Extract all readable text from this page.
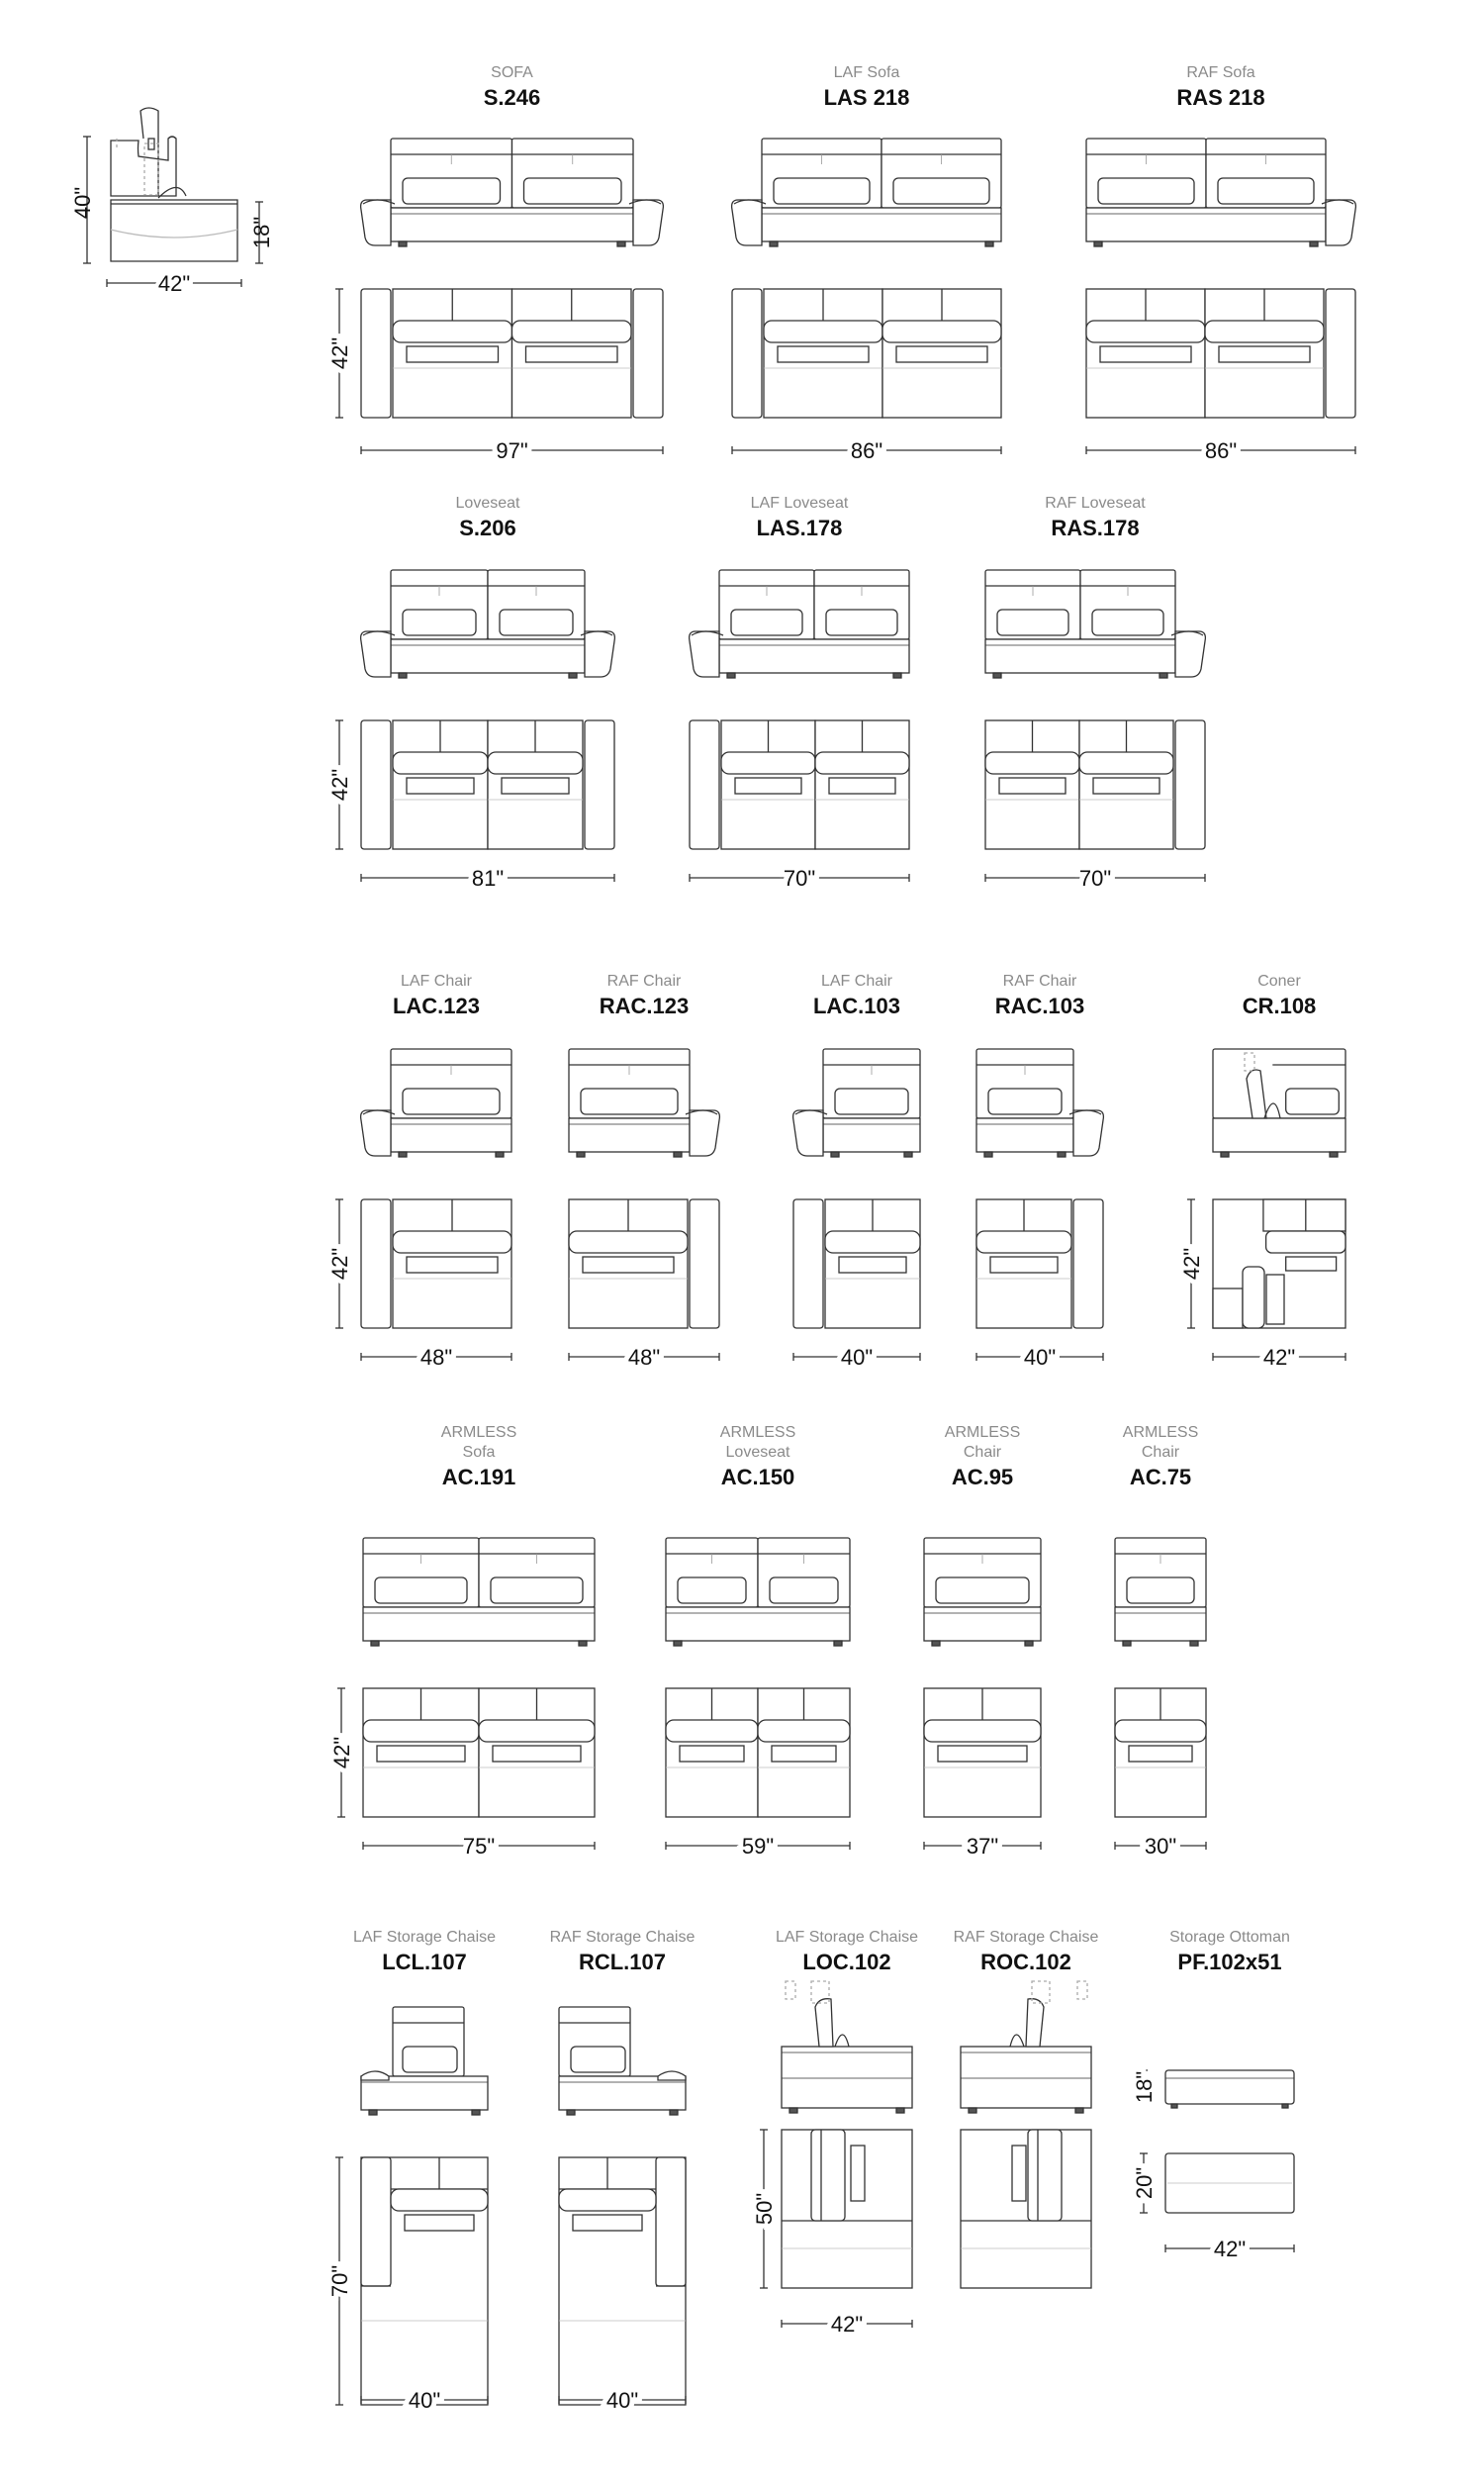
40"
18"
42"
SOFA
S.246
42"
97"
LAF Sofa
LAS 218
86"
RAF Sofa
RAS 218
86"
Loveseat
S.206
42"
81"
LAF Loveseat
LAS.178
70"
RAF Loveseat
RAS.178
70"
LAF Chair
LAC.123
42"
48"
RAF Chair
RAC.123
48"
LAF Chair
LAC.103
40"
RAF Chair
RAC.103
40"
Coner
CR.108
42"
42"
ARMLESS
Sofa
AC.191
42"
75"
ARMLESS
Loveseat
AC.150
59"
ARMLESS
Chair
AC.95
37"
ARMLESS
Chair
AC.75
30"
LAF Storage Chaise
LCL.107
70"
40"
RAF Storage Chaise
RCL.107
40"
LAF Storage Chaise
LOC.102
50"
42"
RAF Storage Chaise
ROC.102
Storage Ottoman
PF.102x51
18"
20"
42"
